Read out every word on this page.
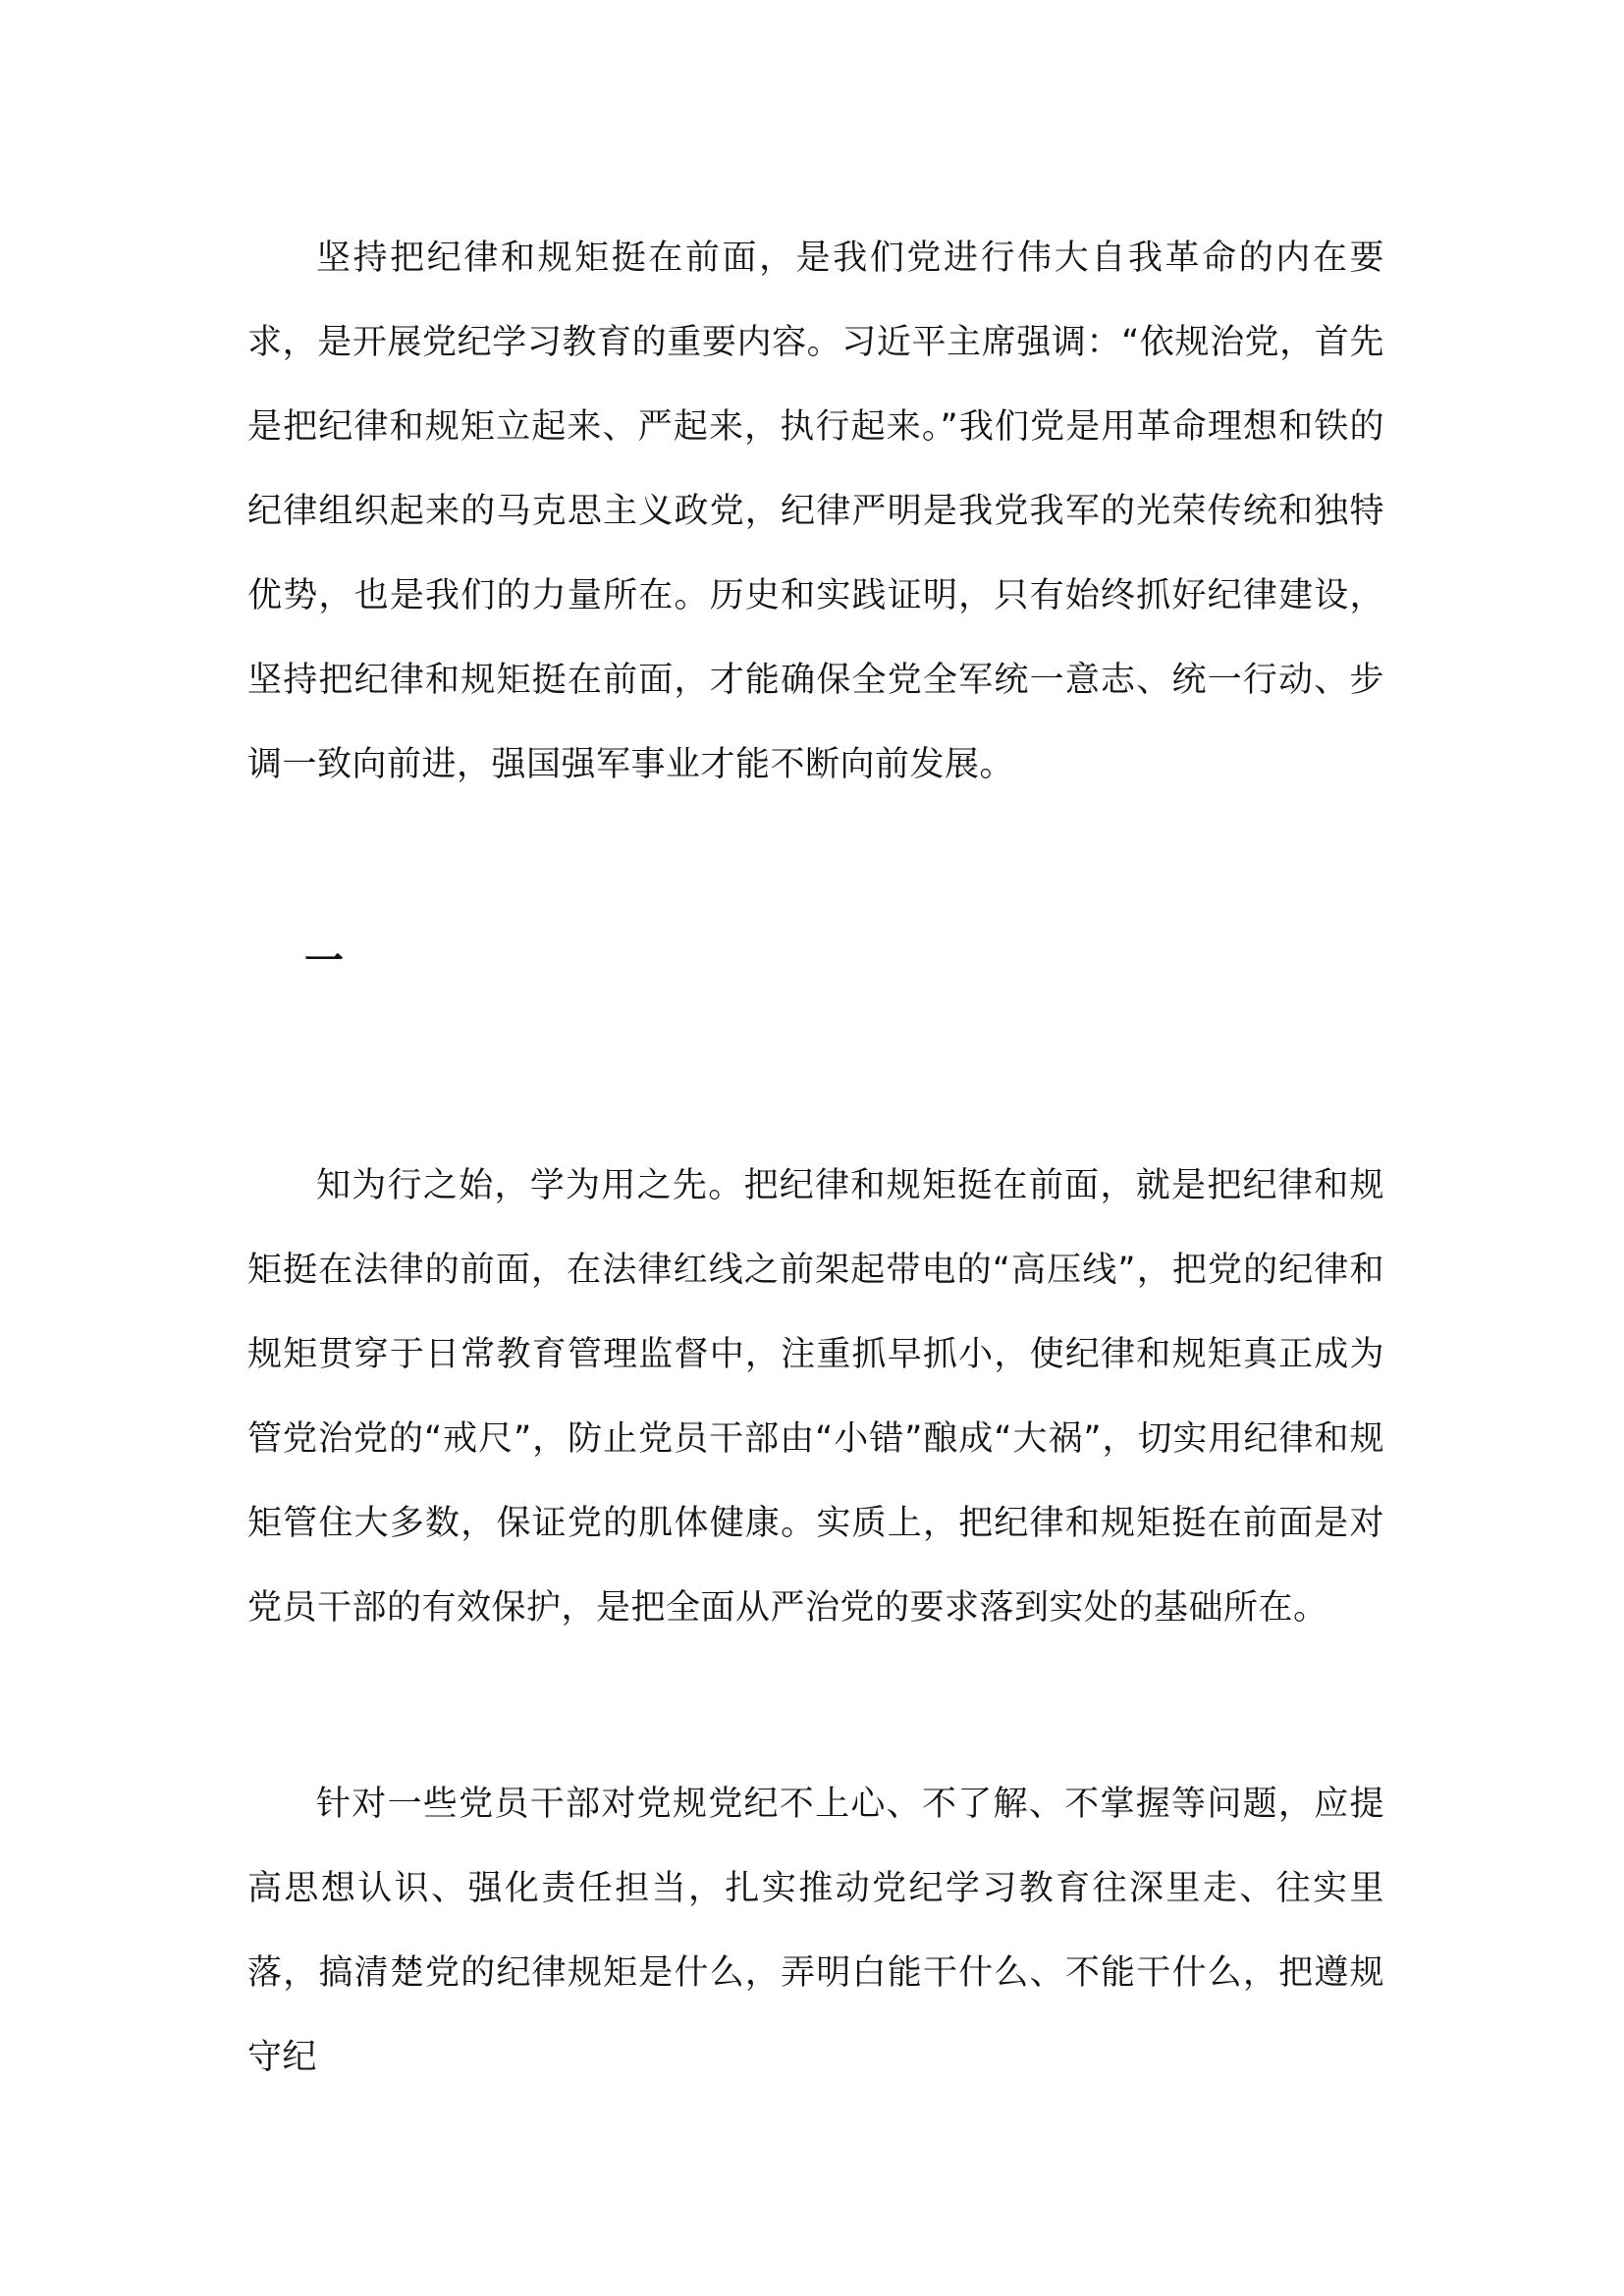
坚持把纪律和规矩挺在前面，是我们党进行伟大自我革命的内在要求，是开展党纪学习教育的重要内容。习近平主席强调：“依规治党，首先是把纪律和规矩立起来、严起来，执行起来。”我们党是用革命理想和铁的纪律组织起来的马克思主义政党，纪律严明是我党我军的光荣传统和独特优势，也是我们的力量所在。历史和实践证明，只有始终抓好纪律建设，坚持把纪律和规矩挺在前面，才能确保全党全军统一意志、统一行动、步调一致向前进，强国强军事业才能不断向前发展。

一

知为行之始，学为用之先。把纪律和规矩挺在前面，就是把纪律和规矩挺在法律的前面，在法律红线之前架起带电的“高压线”，把党的纪律和规矩贯穿于日常教育管理监督中，注重抓早抓小，使纪律和规矩真正成为管党治党的“戒尺”，防止党员干部由“小错”酿成“大祸”，切实用纪律和规矩管住大多数，保证党的肌体健康。实质上，把纪律和规矩挺在前面是对党员干部的有效保护，是把全面从严治党的要求落到实处的基础所在。

针对一些党员干部对党规党纪不上心、不了解、不掌握等问题，应提高思想认识、强化责任担当，扎实推动党纪学习教育往深里走、往实里落，搞清楚党的纪律规矩是什么，弄明白能干什么、不能干什么，把遵规守纪
